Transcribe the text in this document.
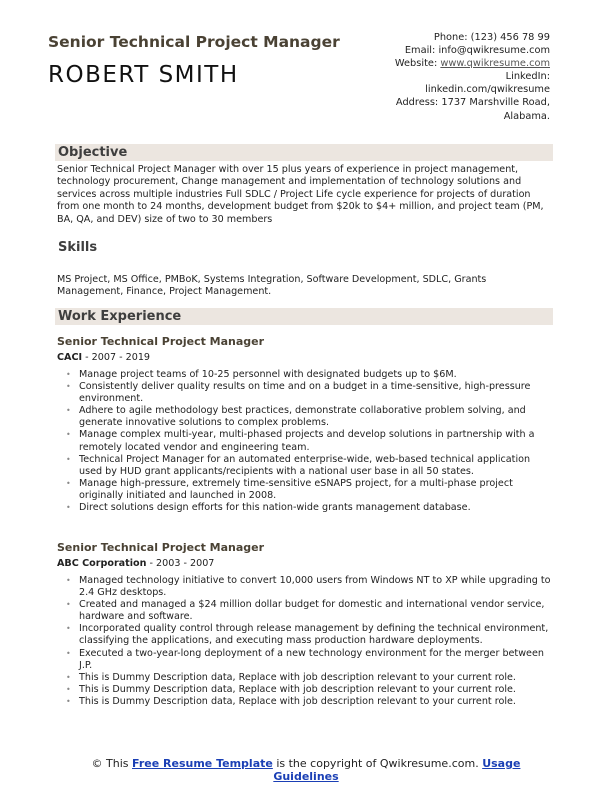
Senior Technical Project Manager
ROBERT SMITH
Phone: (123) 456 78 99
Email: info@qwikresume.com
Website: www.qwikresume.com
LinkedIn:
linkedin.com/qwikresume
Address: 1737 Marshville Road, Alabama.
Objective
Senior Technical Project Manager with over 15 plus years of experience in project management, technology procurement, Change management and implementation of technology solutions and services across multiple industries Full SDLC / Project Life cycle experience for projects of duration from one month to 24 months, development budget from $20k to $4+ million, and project team (PM, BA, QA, and DEV) size of two to 30 members
Skills
MS Project, MS Office, PMBoK, Systems Integration, Software Development, SDLC, Grants Management, Finance, Project Management.
Work Experience
Senior Technical Project Manager
CACI - 2007 - 2019
• Manage project teams of 10-25 personnel with designated budgets up to $6M.
• Consistently deliver quality results on time and on a budget in a time-sensitive, high-pressure environment.
• Adhere to agile methodology best practices, demonstrate collaborative problem solving, and generate innovative solutions to complex problems.
• Manage complex multi-year, multi-phased projects and develop solutions in partnership with a remotely located vendor and engineering team.
• Technical Project Manager for an automated enterprise-wide, web-based technical application used by HUD grant applicants/recipients with a national user base in all 50 states.
• Manage high-pressure, extremely time-sensitive eSNAPS project, for a multi-phase project originally initiated and launched in 2008.
• Direct solutions design efforts for this nation-wide grants management database.
Senior Technical Project Manager
ABC Corporation - 2003 - 2007
• Managed technology initiative to convert 10,000 users from Windows NT to XP while upgrading to 2.4 GHz desktops.
• Created and managed a $24 million dollar budget for domestic and international vendor service, hardware and software.
• Incorporated quality control through release management by defining the technical environment, classifying the applications, and executing mass production hardware deployments.
• Executed a two-year-long deployment of a new technology environment for the merger between J.P.
• This is Dummy Description data, Replace with job description relevant to your current role.
• This is Dummy Description data, Replace with job description relevant to your current role.
• This is Dummy Description data, Replace with job description relevant to your current role.
© This Free Resume Template is the copyright of Qwikresume.com. Usage Guidelines
